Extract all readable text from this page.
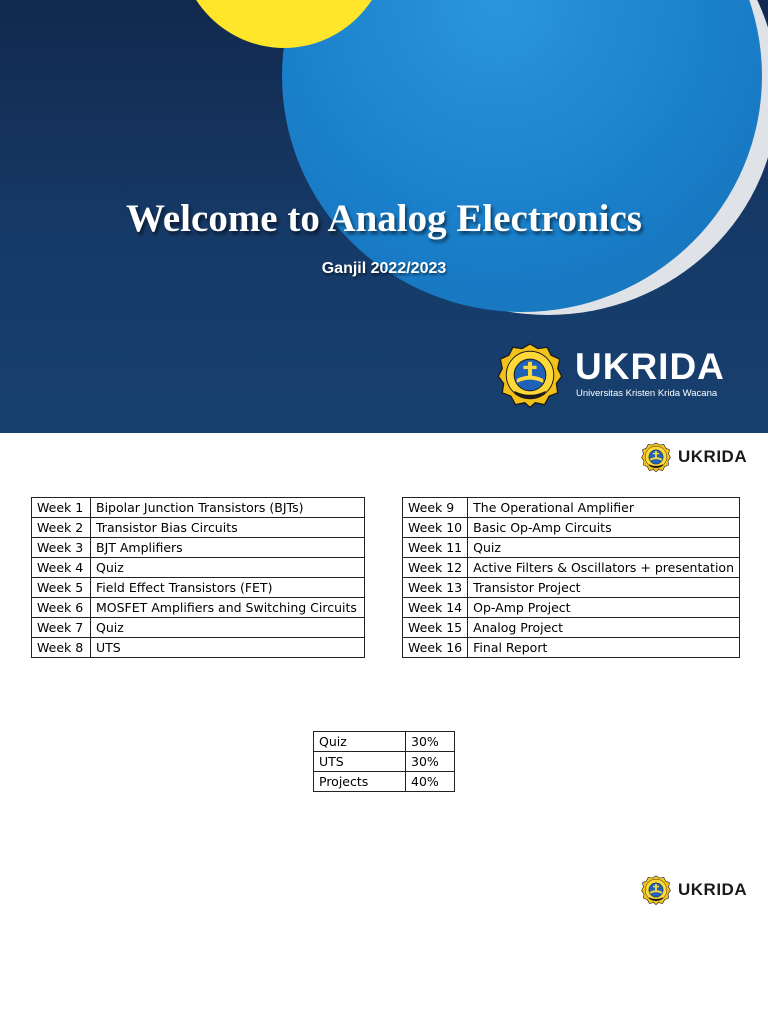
Welcome to Analog Electronics
Ganjil 2022/2023
UKRIDA
Universitas Kristen Krida Wacana
UKRIDA
Week 1	Bipolar Junction Transistors (BJTs)
Week 2	Transistor Bias Circuits
Week 3	BJT Amplifiers
Week 4	Quiz
Week 5	Field Effect Transistors (FET)
Week 6	MOSFET Amplifiers and Switching Circuits
Week 7	Quiz
Week 8	UTS
Week 9	The Operational Amplifier
Week 10	Basic Op-Amp Circuits
Week 11	Quiz
Week 12	Active Filters & Oscillators + presentation
Week 13	Transistor Project
Week 14	Op-Amp Project
Week 15	Analog Project
Week 16	Final Report
Quiz	30%
UTS	30%
Projects	40%
UKRIDA
